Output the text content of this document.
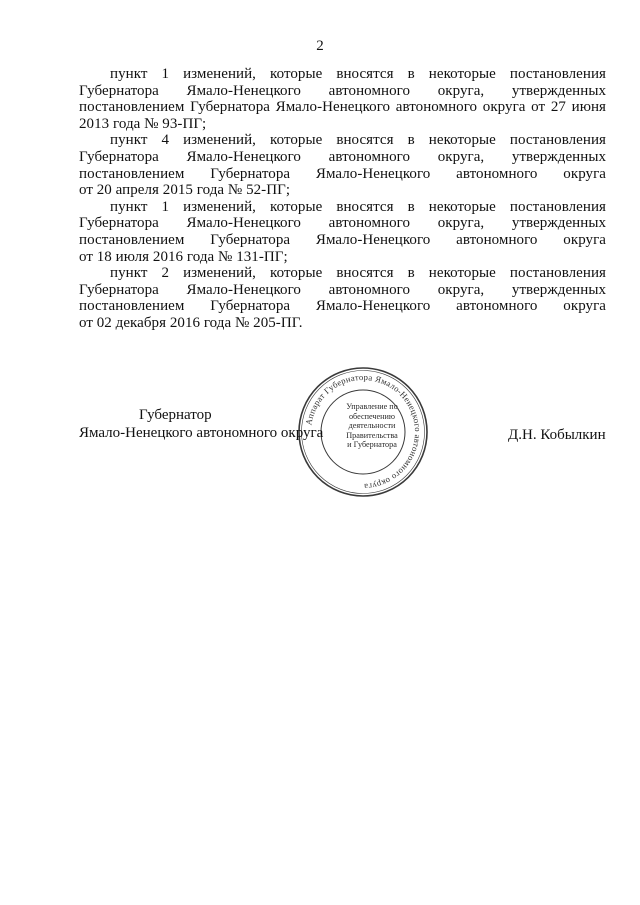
2
пункт 1 изменений, которые вносятся в некоторые постановления
Губернатора Ямало-Ненецкого автономного округа, утвержденных
постановлением Губернатора Ямало-Ненецкого автономного округа от 27 июня
2013 года № 93-ПГ;
пункт 4 изменений, которые вносятся в некоторые постановления
Губернатора Ямало-Ненецкого автономного округа, утвержденных
постановлением Губернатора Ямало-Ненецкого автономного округа
от 20 апреля 2015 года № 52-ПГ;
пункт 1 изменений, которые вносятся в некоторые постановления
Губернатора Ямало-Ненецкого автономного округа, утвержденных
постановлением Губернатора Ямало-Ненецкого автономного округа
от 18 июля 2016 года № 131-ПГ;
пункт 2 изменений, которые вносятся в некоторые постановления
Губернатора Ямало-Ненецкого автономного округа, утвержденных
постановлением Губернатора Ямало-Ненецкого автономного округа
от 02 декабря 2016 года № 205-ПГ.
Аппарат Губернатора Ямало-Ненецкого автономного округа
Управление по
обеспечению
деятельности
Правительства
и Губернатора
Губернатор
Ямало-Ненецкого автономного округа	Д.Н. Кобылкин
